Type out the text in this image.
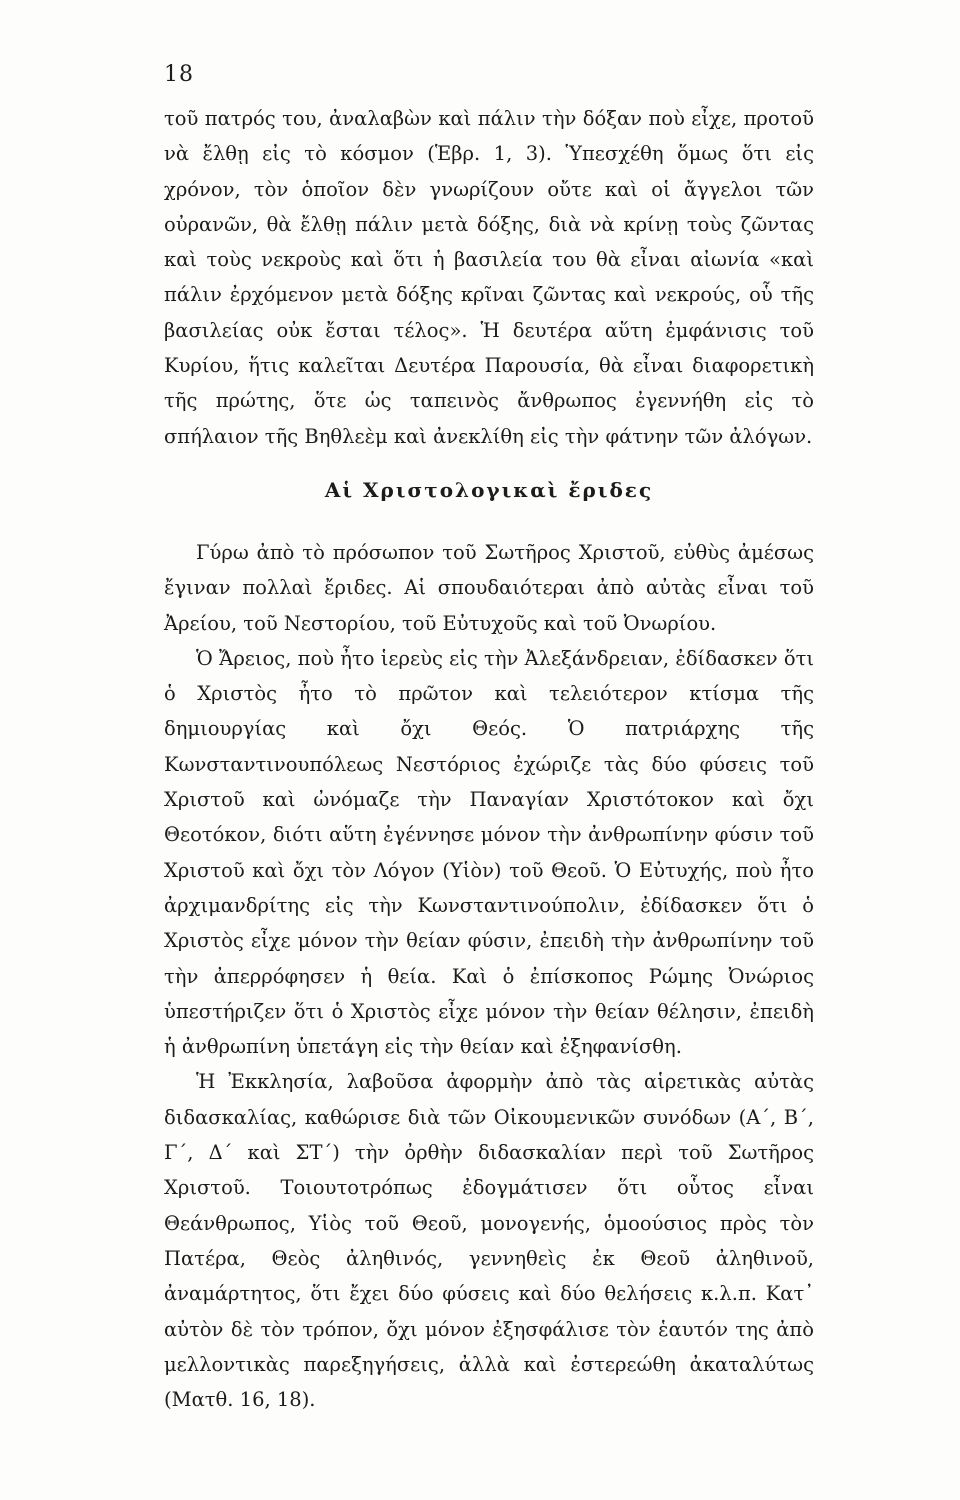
18

τοῦ πατρός του, ἀναλαβὼν καὶ πάλιν τὴν δόξαν ποὺ εἶχε, προτοῦ νὰ ἔλθῃ εἰς τὸ κόσμον (Ἑβρ. 1, 3). Ὑπεσχέθη ὅμως ὅτι εἰς χρόνον, τὸν ὁποῖον δὲν γνωρίζουν οὔτε καὶ οἱ ἄγγελοι τῶν οὐρανῶν, θὰ ἔλθῃ πάλιν μετὰ δόξης, διὰ νὰ κρίνῃ τοὺς ζῶντας καὶ τοὺς νεκροὺς καὶ ὅτι ἡ βασιλεία του θὰ εἶναι αἰωνία «καὶ πάλιν ἐρχόμενον μετὰ δόξης κρῖναι ζῶντας καὶ νεκρούς, οὗ τῆς βασιλείας οὐκ ἔσται τέλος». Ἡ δευτέρα αὕτη ἐμφάνισις τοῦ Κυρίου, ἥτις καλεῖται Δευτέρα Παρουσία, θὰ εἶναι διαφορετικὴ τῆς πρώτης, ὅτε ὡς ταπεινὸς ἄνθρωπος ἐγεννήθη εἰς τὸ σπήλαιον τῆς Βηθλεὲμ καὶ ἀνεκλίθη εἰς τὴν φάτνην τῶν ἀλόγων.

Αἱ Χριστολογικαὶ ἔριδες

Γύρω ἀπὸ τὸ πρόσωπον τοῦ Σωτῆρος Χριστοῦ, εὐθὺς ἀμέσως ἔγιναν πολλαὶ ἔριδες. Αἱ σπουδαιότεραι ἀπὸ αὐτὰς εἶναι τοῦ Ἀρείου, τοῦ Νεστορίου, τοῦ Εὐτυχοῦς καὶ τοῦ Ὀνωρίου.

Ὁ Ἄρειος, ποὺ ἦτο ἱερεὺς εἰς τὴν Ἀλεξάνδρειαν, ἐδίδασκεν ὅτι ὁ Χριστὸς ἦτο τὸ πρῶτον καὶ τελειότερον κτίσμα τῆς δημιουργίας καὶ ὄχι Θεός. Ὁ πατριάρχης τῆς Κωνσταντινουπόλεως Νεστόριος ἐχώριζε τὰς δύο φύσεις τοῦ Χριστοῦ καὶ ὠνόμαζε τὴν Παναγίαν Χριστότοκον καὶ ὄχι Θεοτόκον, διότι αὕτη ἐγέννησε μόνον τὴν ἀνθρωπίνην φύσιν τοῦ Χριστοῦ καὶ ὄχι τὸν Λόγον (Υἱὸν) τοῦ Θεοῦ. Ὁ Εὐτυχής, ποὺ ἦτο ἀρχιμανδρίτης εἰς τὴν Κωνσταντινούπολιν, ἐδίδασκεν ὅτι ὁ Χριστὸς εἶχε μόνον τὴν θείαν φύσιν, ἐπειδὴ τὴν ἀνθρωπίνην τοῦ τὴν ἀπερρόφησεν ἡ θεία. Καὶ ὁ ἐπίσκοπος Ρώμης Ὀνώριος ὑπεστήριζεν ὅτι ὁ Χριστὸς εἶχε μόνον τὴν θείαν θέλησιν, ἐπειδὴ ἡ ἀνθρωπίνη ὑπετάγη εἰς τὴν θείαν καὶ ἐξηφανίσθη.

Ἡ Ἐκκλησία, λαβοῦσα ἀφορμὴν ἀπὸ τὰς αἱρετικὰς αὐτὰς διδασκαλίας, καθώρισε διὰ τῶν Οἰκουμενικῶν συνόδων (Α΄, Β΄, Γ΄, Δ΄ καὶ ΣΤ΄) τὴν ὀρθὴν διδασκαλίαν περὶ τοῦ Σωτῆρος Χριστοῦ. Τοιουτοτρόπως ἐδογμάτισεν ὅτι οὗτος εἶναι Θεάνθρωπος, Υἱὸς τοῦ Θεοῦ, μονογενής, ὁμοούσιος πρὸς τὸν Πατέρα, Θεὸς ἀληθινός, γεννηθεὶς ἐκ Θεοῦ ἀληθινοῦ, ἀναμάρτητος, ὅτι ἔχει δύο φύσεις καὶ δύο θελήσεις κ.λ.π. Κατ᾽ αὐτὸν δὲ τὸν τρόπον, ὄχι μόνον ἐξησφάλισε τὸν ἑαυτόν της ἀπὸ μελλοντικὰς παρεξηγήσεις, ἀλλὰ καὶ ἐστερεώθη ἀκαταλύτως (Ματθ. 16, 18).
